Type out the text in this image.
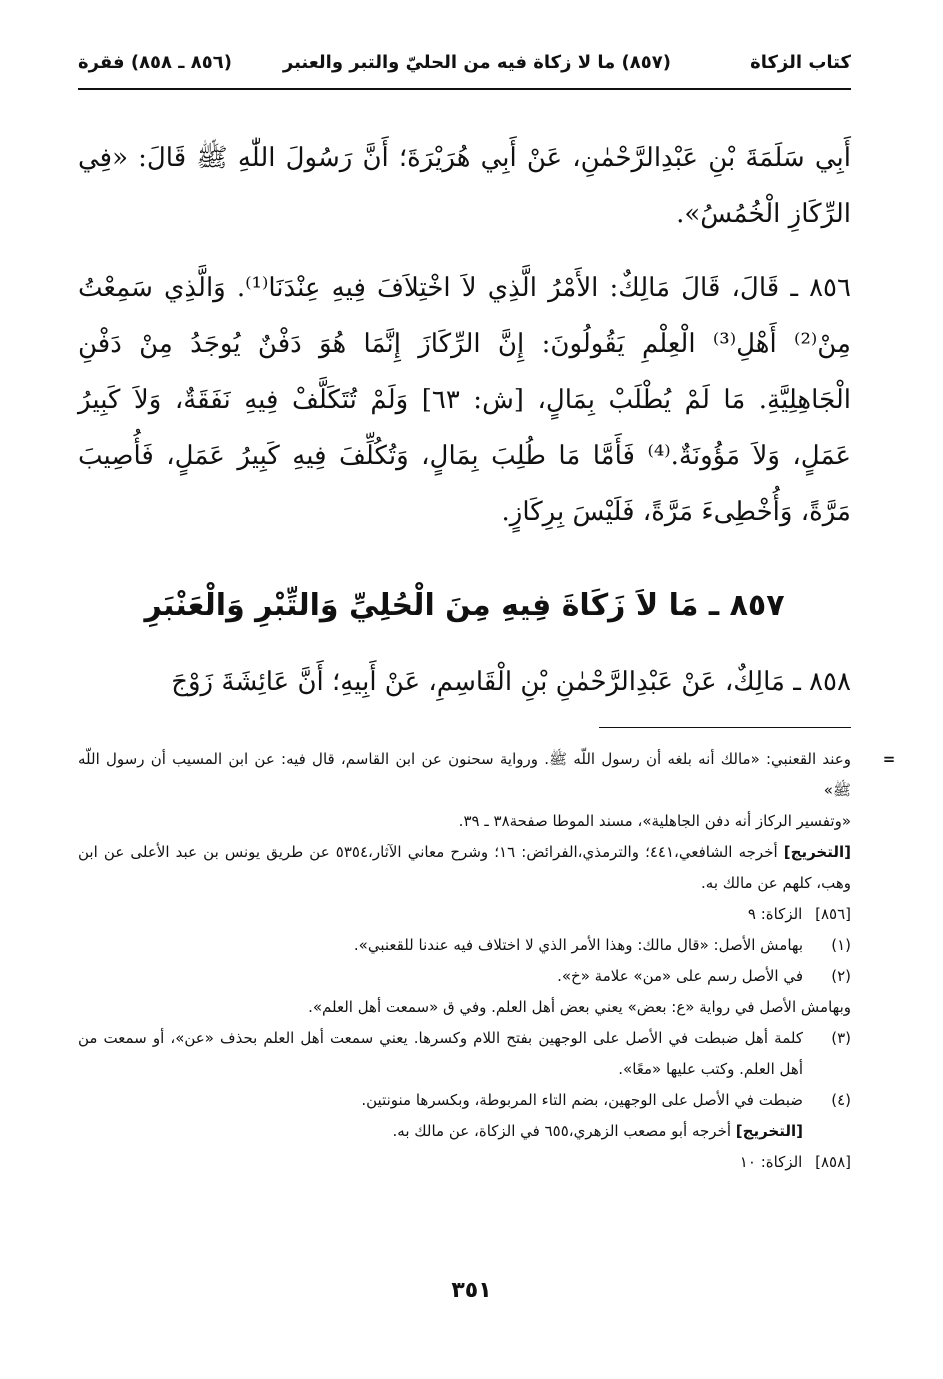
كتاب الزكاة
(٨٥٧) ما لا زكاة فيه من الحليّ والتبر والعنبر
(٨٥٦ ـ ٨٥٨) فقرة

أَبِي سَلَمَةَ بْنِ عَبْدِالرَّحْمٰنِ، عَنْ أَبِي هُرَيْرَةَ؛ أَنَّ رَسُولَ اللّٰهِ ﷺ قَالَ: «فِي الرِّكَازِ الْخُمُسُ».

٨٥٦ ـ قَالَ، قَالَ مَالِكٌ: الأَمْرُ الَّذِي لاَ اخْتِلاَفَ فِيهِ عِنْدَنَا⁽¹⁾. وَالَّذِي سَمِعْتُ مِنْ⁽²⁾ أَهْلِ⁽³⁾ الْعِلْمِ يَقُولُونَ: إِنَّ الرِّكَازَ إِنَّمَا هُوَ دَفْنٌ يُوجَدُ مِنْ دَفْنِ الْجَاهِلِيَّةِ. مَا لَمْ يُطْلَبْ بِمَالٍ، [ش: ٦٣] وَلَمْ تُتَكَلَّفْ فِيهِ نَفَقَةٌ، وَلاَ كَبِيرُ عَمَلٍ، وَلاَ مَؤُونَةٌ.⁽⁴⁾ فَأَمَّا مَا طُلِبَ بِمَالٍ، وَتُكُلِّفَ فِيهِ كَبِيرُ عَمَلٍ، فَأُصِيبَ مَرَّةً، وَأُخْطِىءَ مَرَّةً، فَلَيْسَ بِرِكَازٍ.

٨٥٧ ـ مَا لاَ زَكَاةَ فِيهِ مِنَ الْحُلِيِّ وَالتِّبْرِ وَالْعَنْبَرِ

٨٥٨ ـ مَالِكٌ، عَنْ عَبْدِالرَّحْمٰنِ بْنِ الْقَاسِمِ، عَنْ أَبِيهِ؛ أَنَّ عَائِشَةَ زَوْجَ

=

وعند القعنبي: «مالك أنه بلغه أن رسول اللّه ﷺ. ورواية سحنون عن ابن القاسم، قال فيه: عن ابن المسيب أن رسول اللّه ﷺ»

«وتفسير الركاز أنه دفن الجاهلية»، مسند الموطا صفحة٣٨ ـ ٣٩.

[التخريج] أخرجه الشافعي،٤٤١؛ والترمذي،الفرائض: ١٦؛ وشرح معاني الآثار،٥٣٥٤ عن طريق يونس بن عبد الأعلى عن ابن وهب، كلهم عن مالك به.

[٨٥٦] الزكاة: ٩

(١)

بهامش الأصل: «قال مالك: وهذا الأمر الذي لا اختلاف فيه عندنا للقعنبي».

(٢)

في الأصل رسم على «من» علامة «خ».

وبهامش الأصل في رواية «ع: بعض» يعني بعض أهل العلم. وفي ق «سمعت أهل العلم».

(٣)

كلمة أهل ضبطت في الأصل على الوجهين بفتح اللام وكسرها. يعني سمعت أهل العلم بحذف «عن»، أو سمعت من أهل العلم. وكتب عليها «معًا».

(٤)

ضبطت في الأصل على الوجهين، بضم التاء المربوطة، وبكسرها منونتين.

[التخريج] أخرجه أبو مصعب الزهري،٦٥٥ في الزكاة، عن مالك به.

[٨٥٨] الزكاة: ١٠

٣٥١
